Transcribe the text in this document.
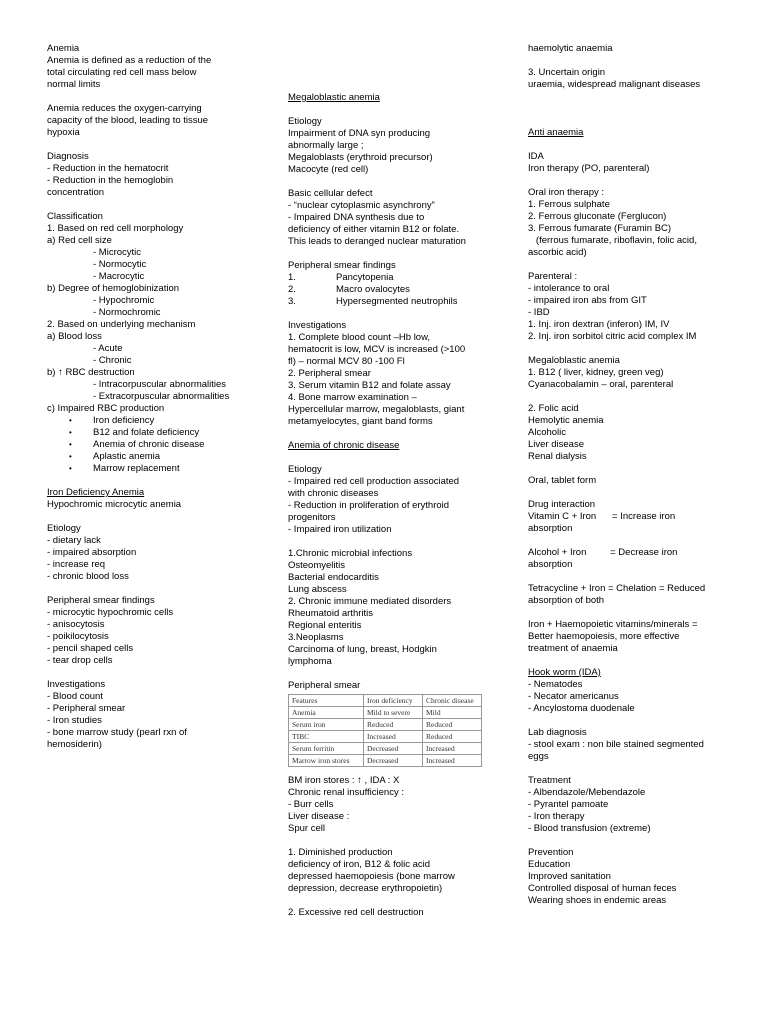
Anemia
Anemia is defined as a reduction of the
total circulating red cell mass below
normal limits
Anemia reduces the oxygen-carrying
capacity of the blood, leading to tissue
hypoxia
Diagnosis
- Reduction in the hematocrit
- Reduction in the hemoglobin
concentration
Classification
1. Based on red cell morphology
a) Red cell size
- Microcytic
- Normocytic
- Macrocytic
b) Degree of hemoglobinization
- Hypochromic
- Normochromic
2. Based on underlying mechanism
a) Blood loss
- Acute
- Chronic
b) ↑ RBC destruction
- Intracorpuscular abnormalities
- Extracorpuscular abnormalities
c) Impaired RBC production
• Iron deficiency
• B12 and folate deficiency
• Anemia of chronic disease
• Aplastic anemia
• Marrow replacement
Iron Deficiency Anemia
Hypochromic microcytic anemia
Etiology
- dietary lack
- impaired absorption
- increase req
- chronic blood loss
Peripheral smear findings
- microcytic hypochromic cells
- anisocytosis
- poikilocytosis
- pencil shaped cells
- tear drop cells
Investigations
- Blood count
- Peripheral smear
- Iron studies
- bone marrow study (pearl rxn of
hemosiderin)
Megaloblastic anemia
Etiology
Impairment of DNA syn producing
abnormally large ;
Megaloblasts (erythroid precursor)
Macocyte (red cell)
Basic cellular defect
- “nuclear cytoplasmic asynchrony”
- Impaired DNA synthesis due to
deficiency of either vitamin B12 or folate.
This leads to deranged nuclear maturation
Peripheral smear findings
1.	Pancytopenia
2.	Macro ovalocytes
3.	Hypersegmented neutrophils
Investigations
1. Complete blood count –Hb low,
hematocrit is low, MCV is increased (>100
fl) – normal MCV 80 -100 Fl
2. Peripheral smear
3. Serum vitamin B12 and folate assay
4. Bone marrow examination –
Hypercellular marrow, megaloblasts, giant
metamyelocytes, giant band forms
Anemia of chronic disease
Etiology
- Impaired red cell production associated
with chronic diseases
- Reduction in proliferation of erythroid
progenitors
- Impaired iron utilization
1.Chronic microbial infections
Osteomyelitis
Bacterial endocarditis
Lung abscess
2. Chronic immune mediated disorders
Rheumatoid arthritis
Regional enteritis
3.Neoplasms
Carcinoma of lung, breast, Hodgkin
lymphoma
Peripheral smear
Features	Iron deficiency	Chronic disease
Anemia	Mild to severe	Mild
Serum iron	Reduced	Reduced
TIBC	Increased	Reduced
Serum ferritin	Decreased	Increased
Marrow iron stores	Decreased	Increased
BM iron stores : ↑ , IDA : X
Chronic renal insufficiency :
- Burr cells
Liver disease :
Spur cell
1. Diminished production
deficiency of iron, B12 & folic acid
depressed haemopoiesis (bone marrow
depression, decrease erythropoietin)
2. Excessive red cell destruction
haemolytic anaemia
3. Uncertain origin
uraemia, widespread malignant diseases
Anti anaemia
IDA
Iron therapy (PO, parenteral)
Oral iron therapy :
1. Ferrous sulphate
2. Ferrous gluconate (Ferglucon)
3. Ferrous fumarate (Furamin BC)
(ferrous fumarate, riboflavin, folic acid,
ascorbic acid)
Parenteral :
- intolerance to oral
- impaired iron abs from GIT
- IBD
1. Inj. iron dextran (inferon) IM, IV
2. Inj. iron sorbitol citric acid complex IM
Megaloblastic anemia
1. B12 ( liver, kidney, green veg)
Cyanacobalamin – oral, parenteral
2. Folic acid
Hemolytic anemia
Alcoholic
Liver disease
Renal dialysis
Oral, tablet form
Drug interaction
Vitamin C + Iron      = Increase iron
absorption
Alcohol + Iron         = Decrease iron
absorption
Tetracycline + Iron = Chelation = Reduced
absorption of both
Iron + Haemopoietic vitamins/minerals =
Better haemopoiesis, more effective
treatment of anaemia
Hook worm (IDA)
- Nematodes
- Necator americanus
- Ancylostoma duodenale
Lab diagnosis
- stool exam : non bile stained segmented
eggs
Treatment
- Albendazole/Mebendazole
- Pyrantel pamoate
- Iron therapy
- Blood transfusion (extreme)
Prevention
Education
Improved sanitation
Controlled disposal of human feces
Wearing shoes in endemic areas
